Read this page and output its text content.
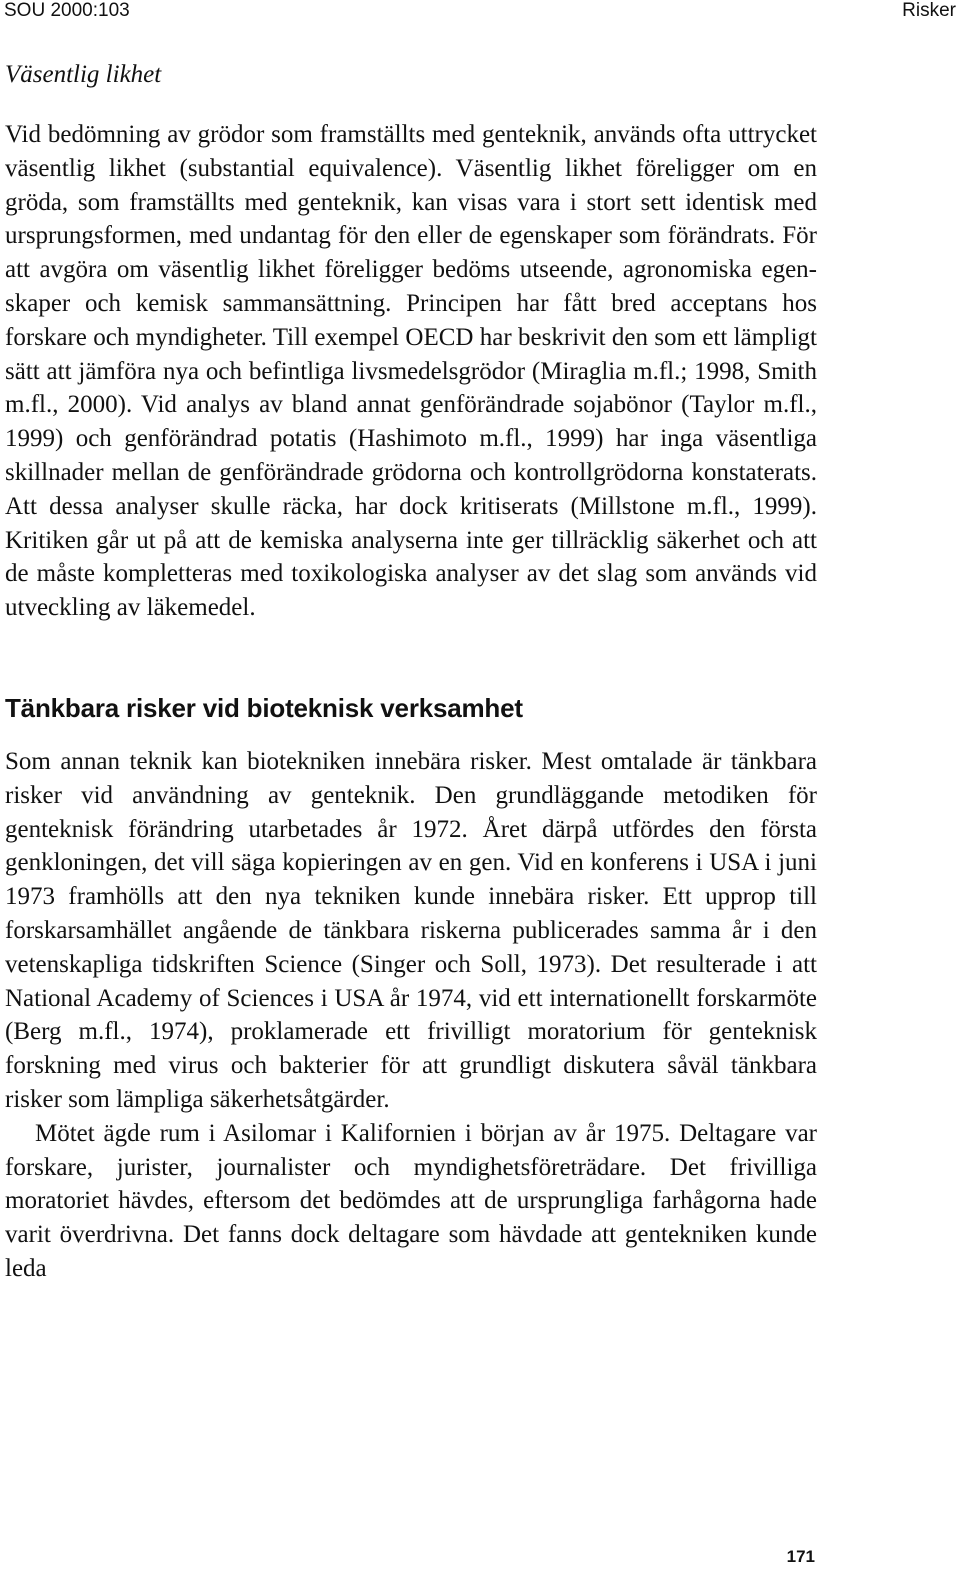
SOU 2000:103	Risker
Väsentlig likhet

Vid bedömning av grödor som framställts med genteknik, används ofta uttrycket väsentlig likhet (substantial equivalence). Väsentlig likhet föreligger om en gröda, som framställts med genteknik, kan visas vara i stort sett identisk med ursprungsformen, med undantag för den eller de egenskaper som förändrats. För att avgöra om väsentlig likhet föreligger bedöms utseende, agronomiska egenskaper och kemisk sammansättning. Principen har fått bred acceptans hos forskare och myndigheter. Till exempel OECD har beskrivit den som ett lämpligt sätt att jämföra nya och befintliga livsmedelsgrödor (Miraglia m.fl.; 1998, Smith m.fl., 2000). Vid analys av bland annat genförändrade sojabönor (Taylor m.fl., 1999) och genförändrad potatis (Hashimoto m.fl., 1999) har inga väsentliga skillnader mellan de genförändrade grödorna och kontrollgrödorna konstaterats. Att dessa analyser skulle räcka, har dock kritiserats (Millstone m.fl., 1999). Kritiken går ut på att de kemiska analyserna inte ger tillräcklig säkerhet och att de måste kompletteras med toxikologiska analyser av det slag som används vid utveckling av läkemedel.

Tänkbara risker vid bioteknisk verksamhet

Som annan teknik kan biotekniken innebära risker. Mest omtalade är tänkbara risker vid användning av genteknik. Den grundläggande metodiken för genteknisk förändring utarbetades år 1972. Året därpå utfördes den första genkloningen, det vill säga kopieringen av en gen. Vid en konferens i USA i juni 1973 framhölls att den nya tekniken kunde innebära risker. Ett upprop till forskarsamhället angående de tänkbara riskerna publicerades samma år i den vetenskapliga tidskriften Science (Singer och Soll, 1973). Det resulterade i att National Academy of Sciences i USA år 1974, vid ett internationellt forskarmöte (Berg m.fl., 1974), proklamerade ett frivilligt moratorium för genteknisk forskning med virus och bakterier för att grundligt diskutera såväl tänkbara risker som lämpliga säkerhetsåtgärder.

Mötet ägde rum i Asilomar i Kalifornien i början av år 1975. Deltagare var forskare, jurister, journalister och myndighetsföreträdare. Det frivilliga moratoriet hävdes, eftersom det bedömdes att de ursprungliga farhågorna hade varit överdrivna. Det fanns dock deltagare som hävdade att gentekniken kunde leda

171
